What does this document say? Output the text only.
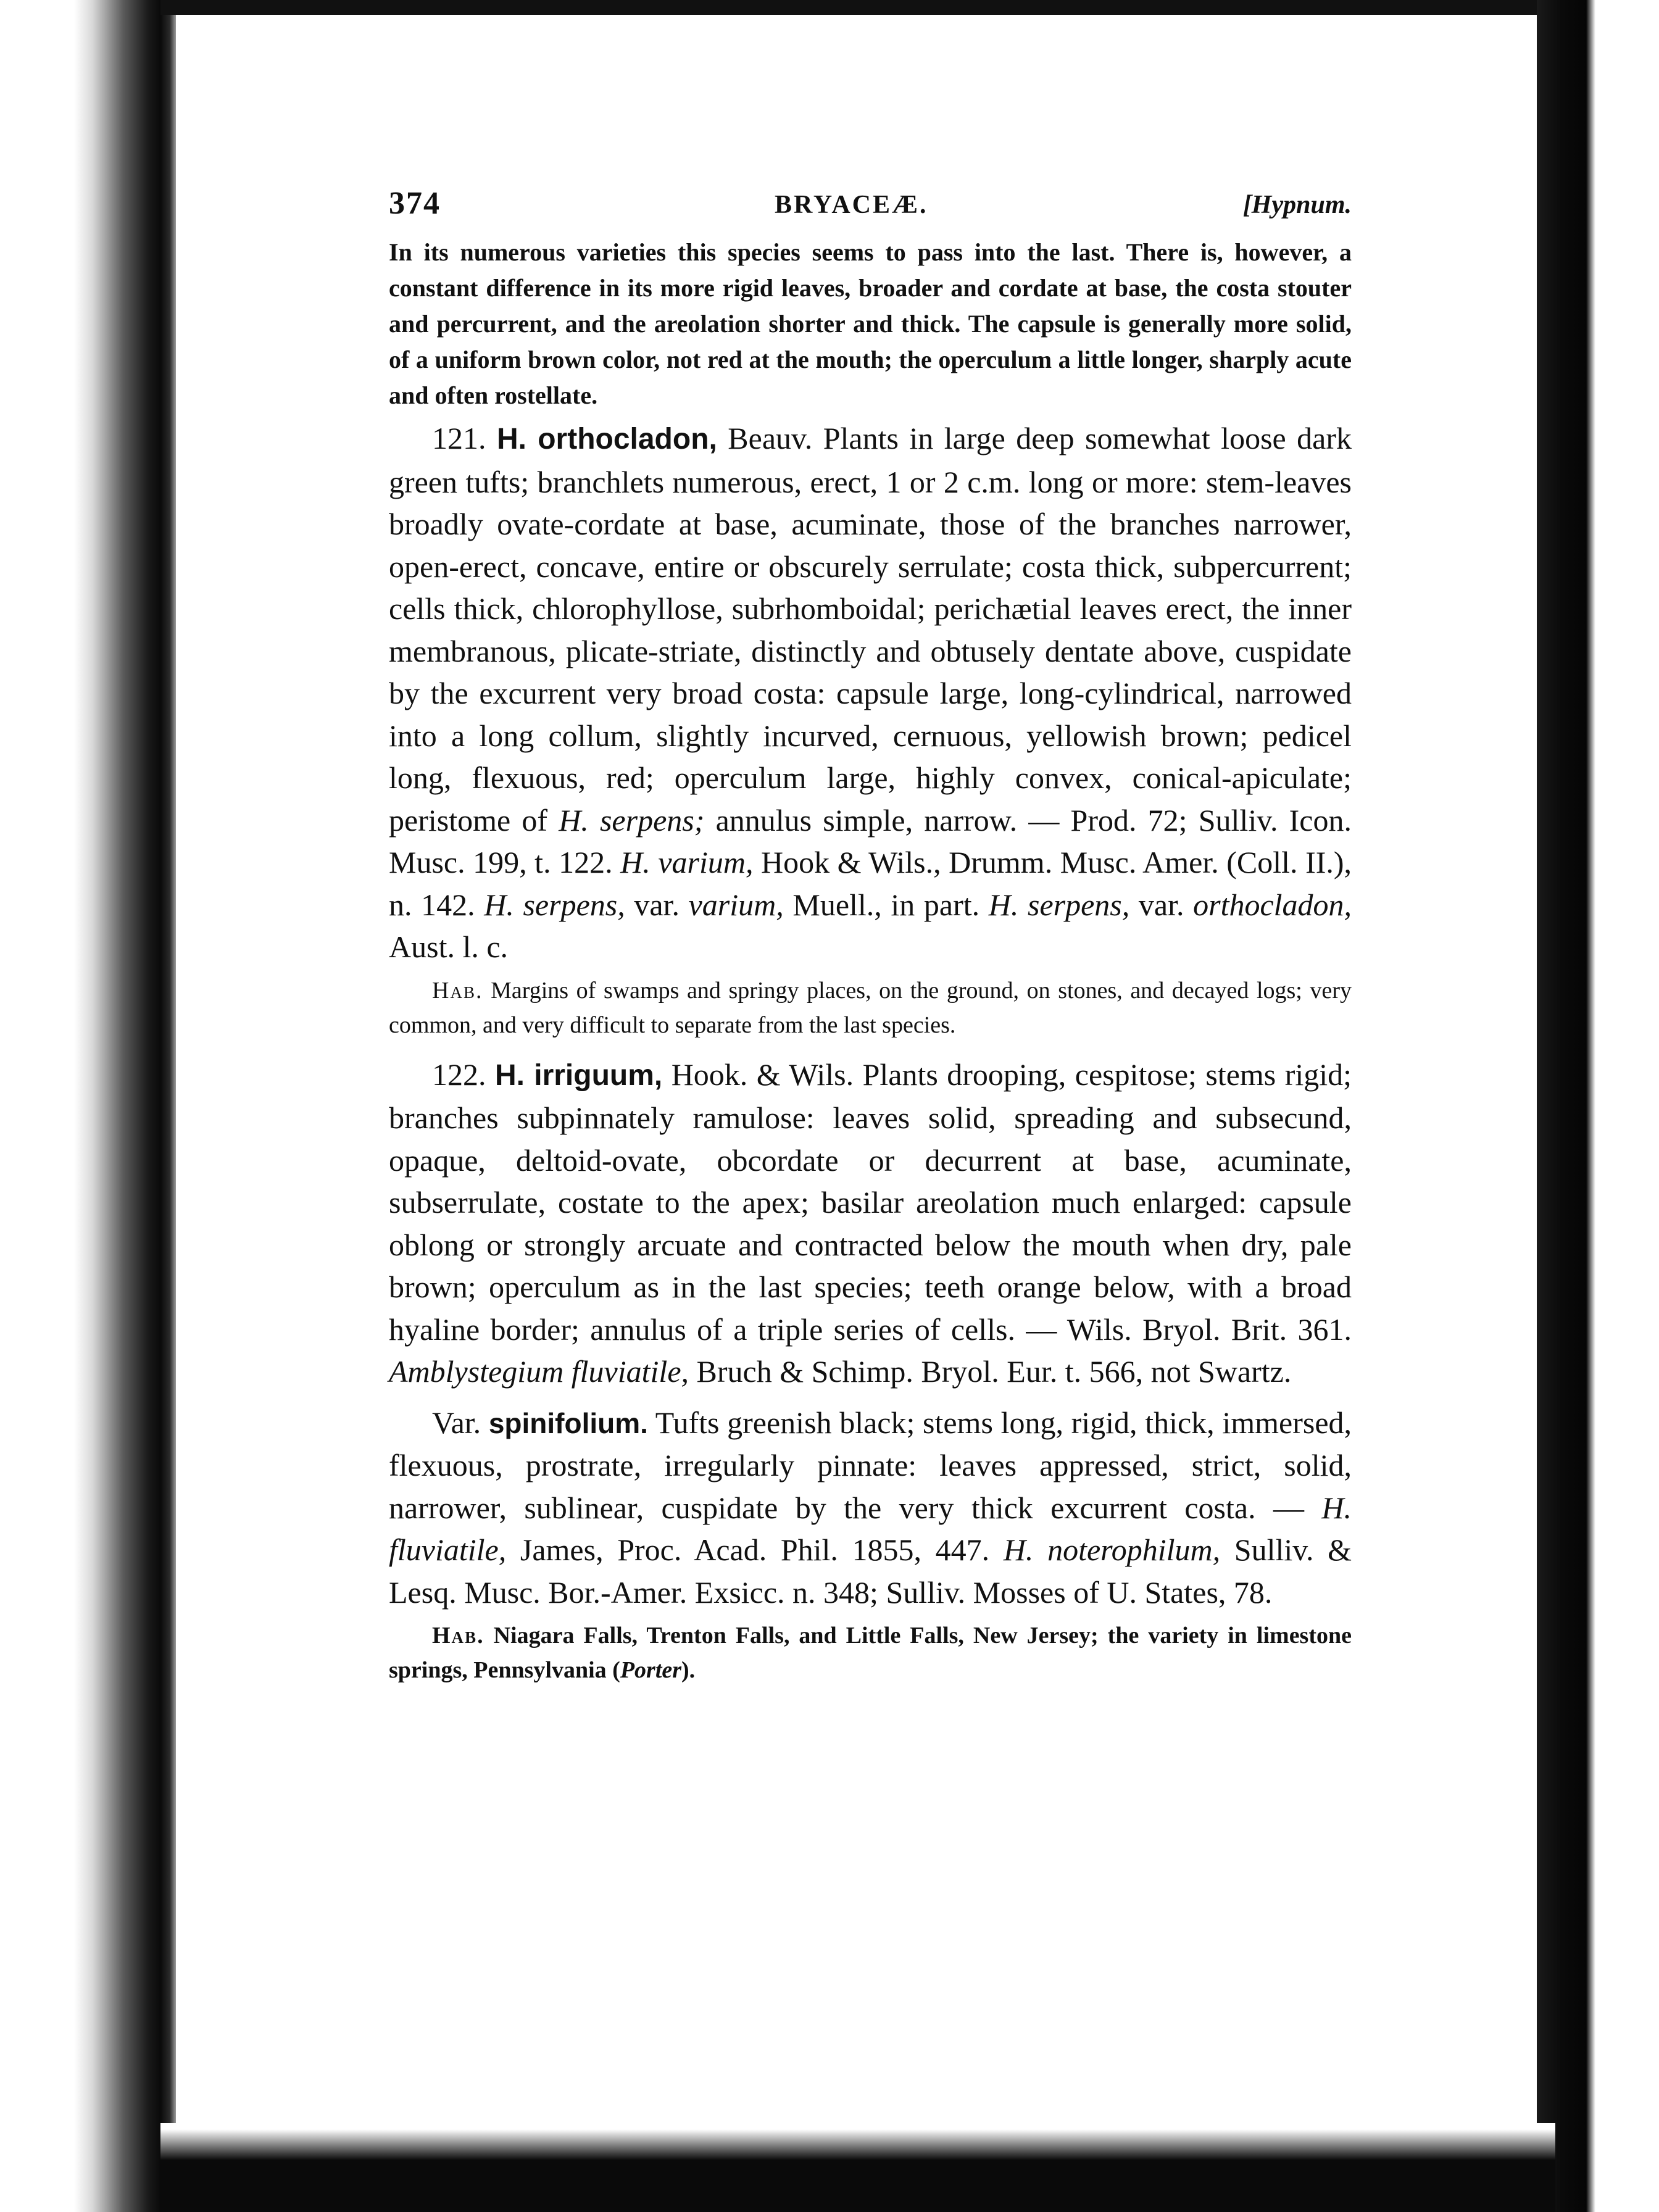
374	BRYACEÆ.	[Hypnum.

In its numerous varieties this species seems to pass into the last. There is, however, a constant difference in its more rigid leaves, broader and cordate at base, the costa stouter and percurrent, and the areolation shorter and thick. The capsule is generally more solid, of a uniform brown color, not red at the mouth; the operculum a little longer, sharply acute and often rostellate.

121. H. orthocladon, Beauv. Plants in large deep somewhat loose dark green tufts; branchlets numerous, erect, 1 or 2 c.m. long or more: stem-leaves broadly ovate-cordate at base, acuminate, those of the branches narrower, open-erect, concave, entire or obscurely serrulate; costa thick, subpercurrent; cells thick, chlorophyllose, subrhomboidal; perichætial leaves erect, the inner membranous, plicate-striate, distinctly and obtusely dentate above, cuspidate by the excurrent very broad costa: capsule large, long-cylindrical, narrowed into a long collum, slightly incurved, cernuous, yellowish brown; pedicel long, flexuous, red; operculum large, highly convex, conical-apiculate; peristome of H. serpens; annulus simple, narrow. — Prod. 72; Sulliv. Icon. Musc. 199, t. 122. H. varium, Hook & Wils., Drumm. Musc. Amer. (Coll. II.), n. 142. H. serpens, var. varium, Muell., in part. H. serpens, var. orthocladon, Aust. l. c.

Hab. Margins of swamps and springy places, on the ground, on stones, and decayed logs; very common, and very difficult to separate from the last species.

122. H. irriguum, Hook. & Wils. Plants drooping, cespitose; stems rigid; branches subpinnately ramulose: leaves solid, spreading and subsecund, opaque, deltoid-ovate, obcordate or decurrent at base, acuminate, subserrulate, costate to the apex; basilar areolation much enlarged: capsule oblong or strongly arcuate and contracted below the mouth when dry, pale brown; operculum as in the last species; teeth orange below, with a broad hyaline border; annulus of a triple series of cells. — Wils. Bryol. Brit. 361. Amblystegium fluviatile, Bruch & Schimp. Bryol. Eur. t. 566, not Swartz.

Var. spinifolium. Tufts greenish black; stems long, rigid, thick, immersed, flexuous, prostrate, irregularly pinnate: leaves appressed, strict, solid, narrower, sublinear, cuspidate by the very thick excurrent costa. — H. fluviatile, James, Proc. Acad. Phil. 1855, 447. H. noterophilum, Sulliv. & Lesq. Musc. Bor.-Amer. Exsicc. n. 348; Sulliv. Mosses of U. States, 78.

Hab. Niagara Falls, Trenton Falls, and Little Falls, New Jersey; the variety in limestone springs, Pennsylvania (Porter).
